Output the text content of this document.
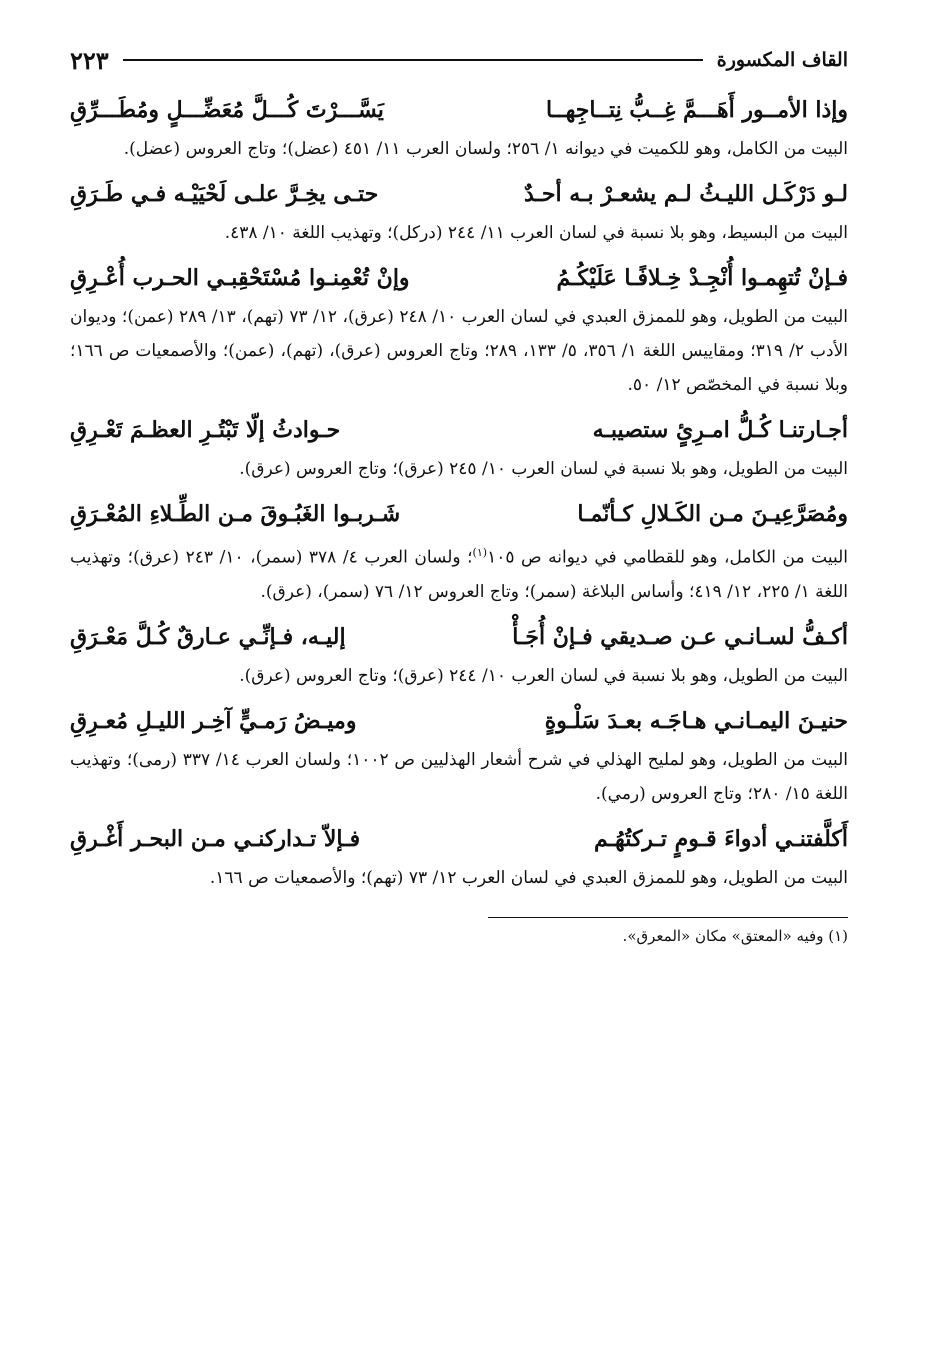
القاف المكسورة
٢٢٣
وإذا الأمــور أَهَـــمَّ غِــبُّ نِتــاجِهــا
يَسَّـــرْتَ كُـــلَّ مُعَضِّـــلٍ ومُطَـــرِّقِ

البيت من الكامل، وهو للكميت في ديوانه ١/ ٢٥٦؛ ولسان العرب ١١/ ٤٥١ (عضل)؛ وتاج العروس (عضل).

لـو دَرْكَـل الليـثُ لـم يشعـرْ بـه أحـدٌ
حتـى يخِـرَّ علـى لَحْيَيْـه فـي طَـرَقِ

البيت من البسيط، وهو بلا نسبة في لسان العرب ١١/ ٢٤٤ (دركل)؛ وتهذيب اللغة ١٠/ ٤٣٨.

فـإنْ تُتهِمـوا أُنْجِـدْ خِـلافًـا عَلَيْكُـمُ
وإنْ تُعْمِنـوا مُسْتَحْقِبـي الحـرب أُعْـرِقِ

البيت من الطويل، وهو للممزق العبدي في لسان العرب ١٠/ ٢٤٨ (عرق)، ١٢/ ٧٣ (تهم)، ١٣/ ٢٨٩ (عمن)؛ وديوان الأدب ٢/ ٣١٩؛ ومقاييس اللغة ١/ ٣٥٦، ٥/ ١٣٣، ٢٨٩؛ وتاج العروس (عرق)، (تهم)، (عمن)؛ والأصمعيات ص ١٦٦؛ وبلا نسبة في المخصّص ١٢/ ٥٠.

أجـارتنـا كُـلُّ امـرِئٍ ستصيبـه
حـوادثُ إلّا تَبْتُـرِ العظـمَ تَعْـرِقِ

البيت من الطويل، وهو بلا نسبة في لسان العرب ١٠/ ٢٤٥ (عرق)؛ وتاج العروس (عرق).

ومُصَرَّعِيـنَ مـن الكَـلالِ كـأنّمـا
شَـربـوا الغَبُـوقَ مـن الطِّـلاءِ المُعْـرَقِ

البيت من الكامل، وهو للقطامي في ديوانه ص ١٠٥$^{(١)}$؛ ولسان العرب ٤/ ٣٧٨ (سمر)، ١٠/ ٢٤٣ (عرق)؛ وتهذيب اللغة ١/ ٢٢٥، ١٢/ ٤١٩؛ وأساس البلاغة (سمر)؛ وتاج العروس ١٢/ ٧٦ (سمر)، (عرق).

أكـفُّ لسـانـي عـن صـديقي فـإنْ أُجَـأْ
إليـه، فـإنِّـي عـارقٌ كُـلَّ مَعْـرَقِ

البيت من الطويل، وهو بلا نسبة في لسان العرب ١٠/ ٢٤٤ (عرق)؛ وتاج العروس (عرق).

حنيـنَ اليمـانـي هـاجَـه بعـدَ سَلْـوةٍ
وميـضُ رَمـيٍّ آخِـر الليـلِ مُعـرِقِ

البيت من الطويل، وهو لمليح الهذلي في شرح أشعار الهذليين ص ١٠٠٢؛ ولسان العرب ١٤/ ٣٣٧ (رمى)؛ وتهذيب اللغة ١٥/ ٢٨٠؛ وتاج العروس (رمي).

أَكلَّفتنـي أدواءَ قـومٍ تـركتُهُـم
فـإلاّ تـداركنـي مـن البحـر أَغْـرقِ

البيت من الطويل، وهو للممزق العبدي في لسان العرب ١٢/ ٧٣ (تهم)؛ والأصمعيات ص ١٦٦.

(١) وفيه «المعتق» مكان «المعرق».
